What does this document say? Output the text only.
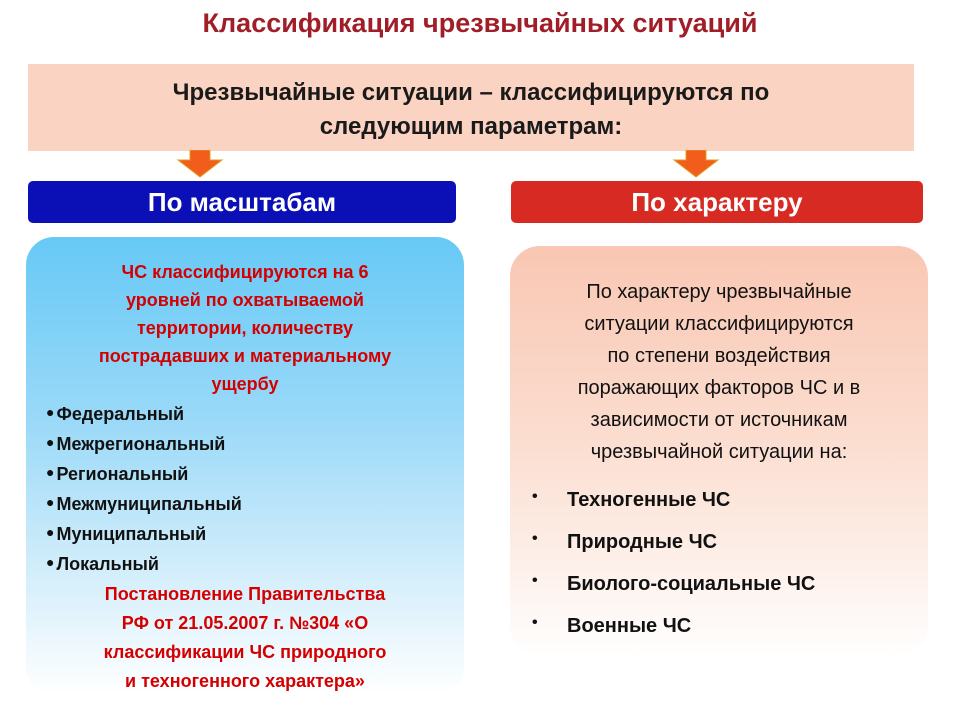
Классификация чрезвычайных ситуаций
Чрезвычайные ситуации – классифицируются по
следующим параметрам:
По масштабам	По характеру
ЧС классифицируются на 6
уровней по охватываемой
территории, количеству
пострадавших и материальному
ущербу
● Федеральный
● Межрегиональный
● Региональный
● Межмуниципальный
● Муниципальный
● Локальный
Постановление Правительства
РФ от 21.05.2007 г. №304 «О
классификации ЧС природного
и техногенного характера»
По характеру чрезвычайные
ситуации классифицируются
по степени воздействия
поражающих факторов ЧС и в
зависимости от источникам
чрезвычайной ситуации на:
• Техногенные ЧС
• Природные ЧС
• Биолого-социальные ЧС
• Военные ЧС
